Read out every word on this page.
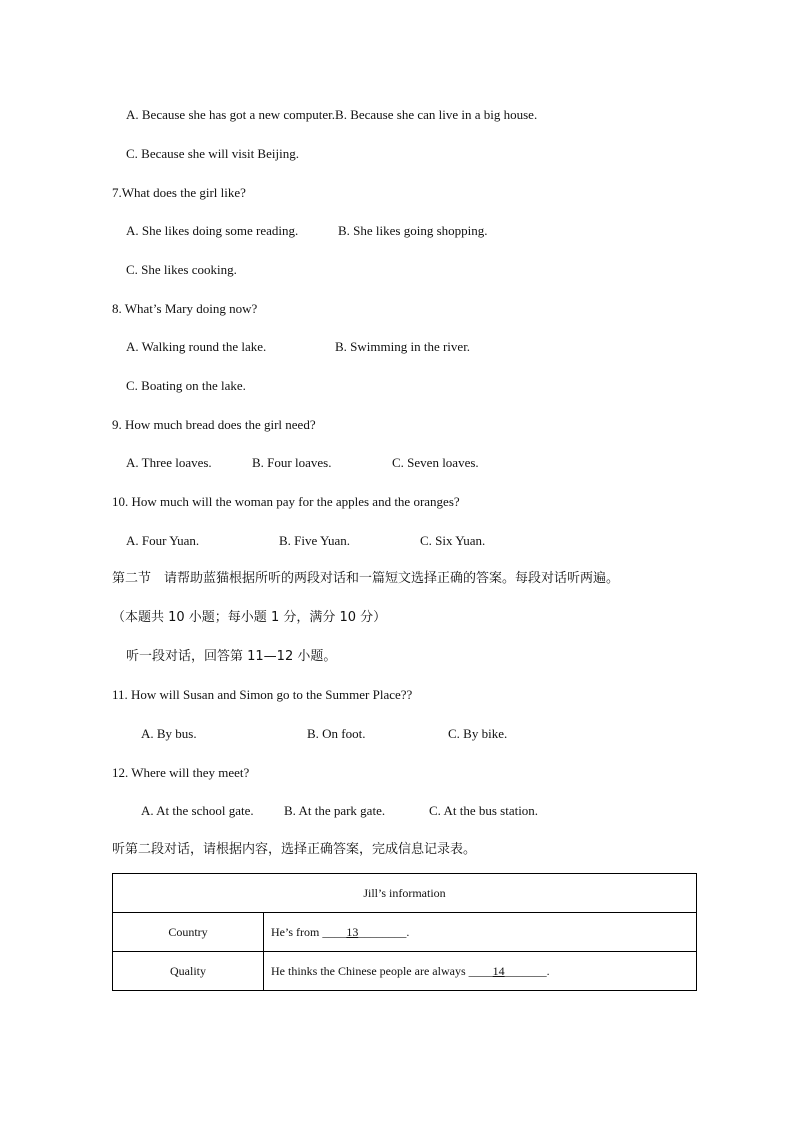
A. Because she has got a new computer.B. Because she can live in a big house.
C. Because she will visit Beijing.
7.What does the girl like?
A. She likes doing some reading.	B. She likes going shopping.
C. She likes cooking.
8. What’s Mary doing now?
A. Walking round the lake.	B. Swimming in the river.
C. Boating on the lake.
9. How much bread does the girl need?
A. Three loaves.	B. Four loaves.	C. Seven loaves.
10. How much will the woman pay for the apples and the oranges?
A. Four Yuan.	B. Five Yuan.	C. Six Yuan.
第二节　请帮助蓝猫根据所听的两段对话和一篇短文选择正确的答案。每段对话听两遍。
（本题共 10 小题；每小题 1 分，满分 10 分）
听一段对话，回答第 11—12 小题。
11. How will Susan and Simon go to the Summer Place??
A. By bus.	B. On foot.	C. By bike.
12. Where will they meet?
A. At the school gate. B. At the park gate.	C. At the bus station.
听第二段对话，请根据内容，选择正确答案，完成信息记录表。
Jill’s information	
Country	He’s from ____13________.
Quality	He thinks the Chinese people are always ____14_______.
